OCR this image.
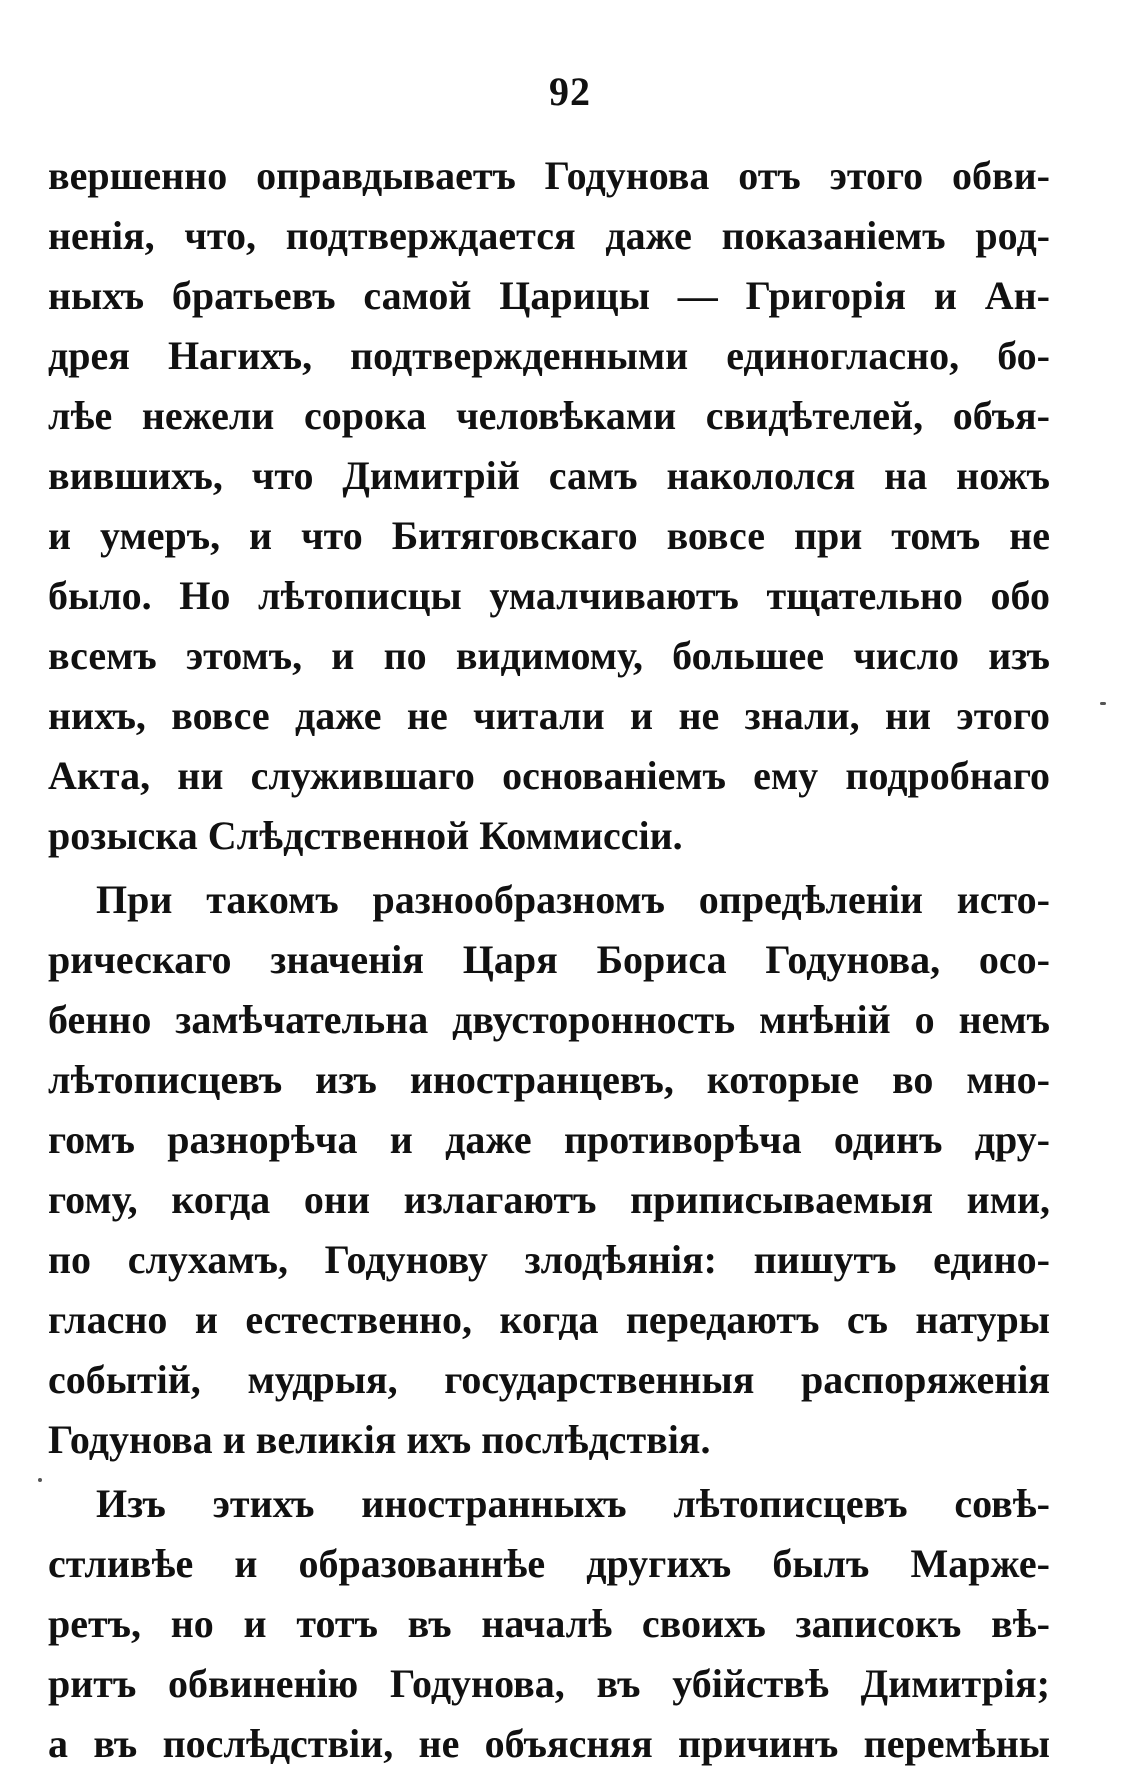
92

вершенно оправдываетъ Годунова отъ этого обви-
ненія, что, подтверждается даже показаніемъ род-
ныхъ братьевъ самой Царицы — Григорія и Ан-
дрея Нагихъ, подтвержденными единогласно, бо-
лѣе нежели сорока человѣками свидѣтелей, объя-
вившихъ, что Димитрій самъ накололся на ножъ
и умеръ, и что Битяговскаго вовсе при томъ не
было. Но лѣтописцы умалчиваютъ тщательно обо
всемъ этомъ, и по видимому, большее число изъ
нихъ, вовсе даже не читали и не знали, ни этого
Акта, ни служившаго основаніемъ ему подробнаго
розыска Слѣдственной Коммиссіи.

При такомъ разнообразномъ опредѣленіи исто-
рическаго значенія Царя Бориса Годунова, осо-
бенно замѣчательна двусторонность мнѣній о немъ
лѣтописцевъ изъ иностранцевъ, которые во мно-
гомъ разнорѣча и даже противорѣча одинъ дру-
гому, когда они излагаютъ приписываемыя ими,
по слухамъ, Годунову злодѣянія: пишутъ едино-
гласно и естественно, когда передаютъ съ натуры
событій, мудрыя, государственныя распоряженія
Годунова и великія ихъ послѣдствія.

Изъ этихъ иностранныхъ лѣтописцевъ совѣ-
стливѣе и образованнѣе другихъ былъ Марже-
ретъ, но и тотъ въ началѣ своихъ записокъ вѣ-
ритъ обвиненію Годунова, въ убійствѣ Димитрія;
а въ послѣдствіи, не объясняя причинъ перемѣны
